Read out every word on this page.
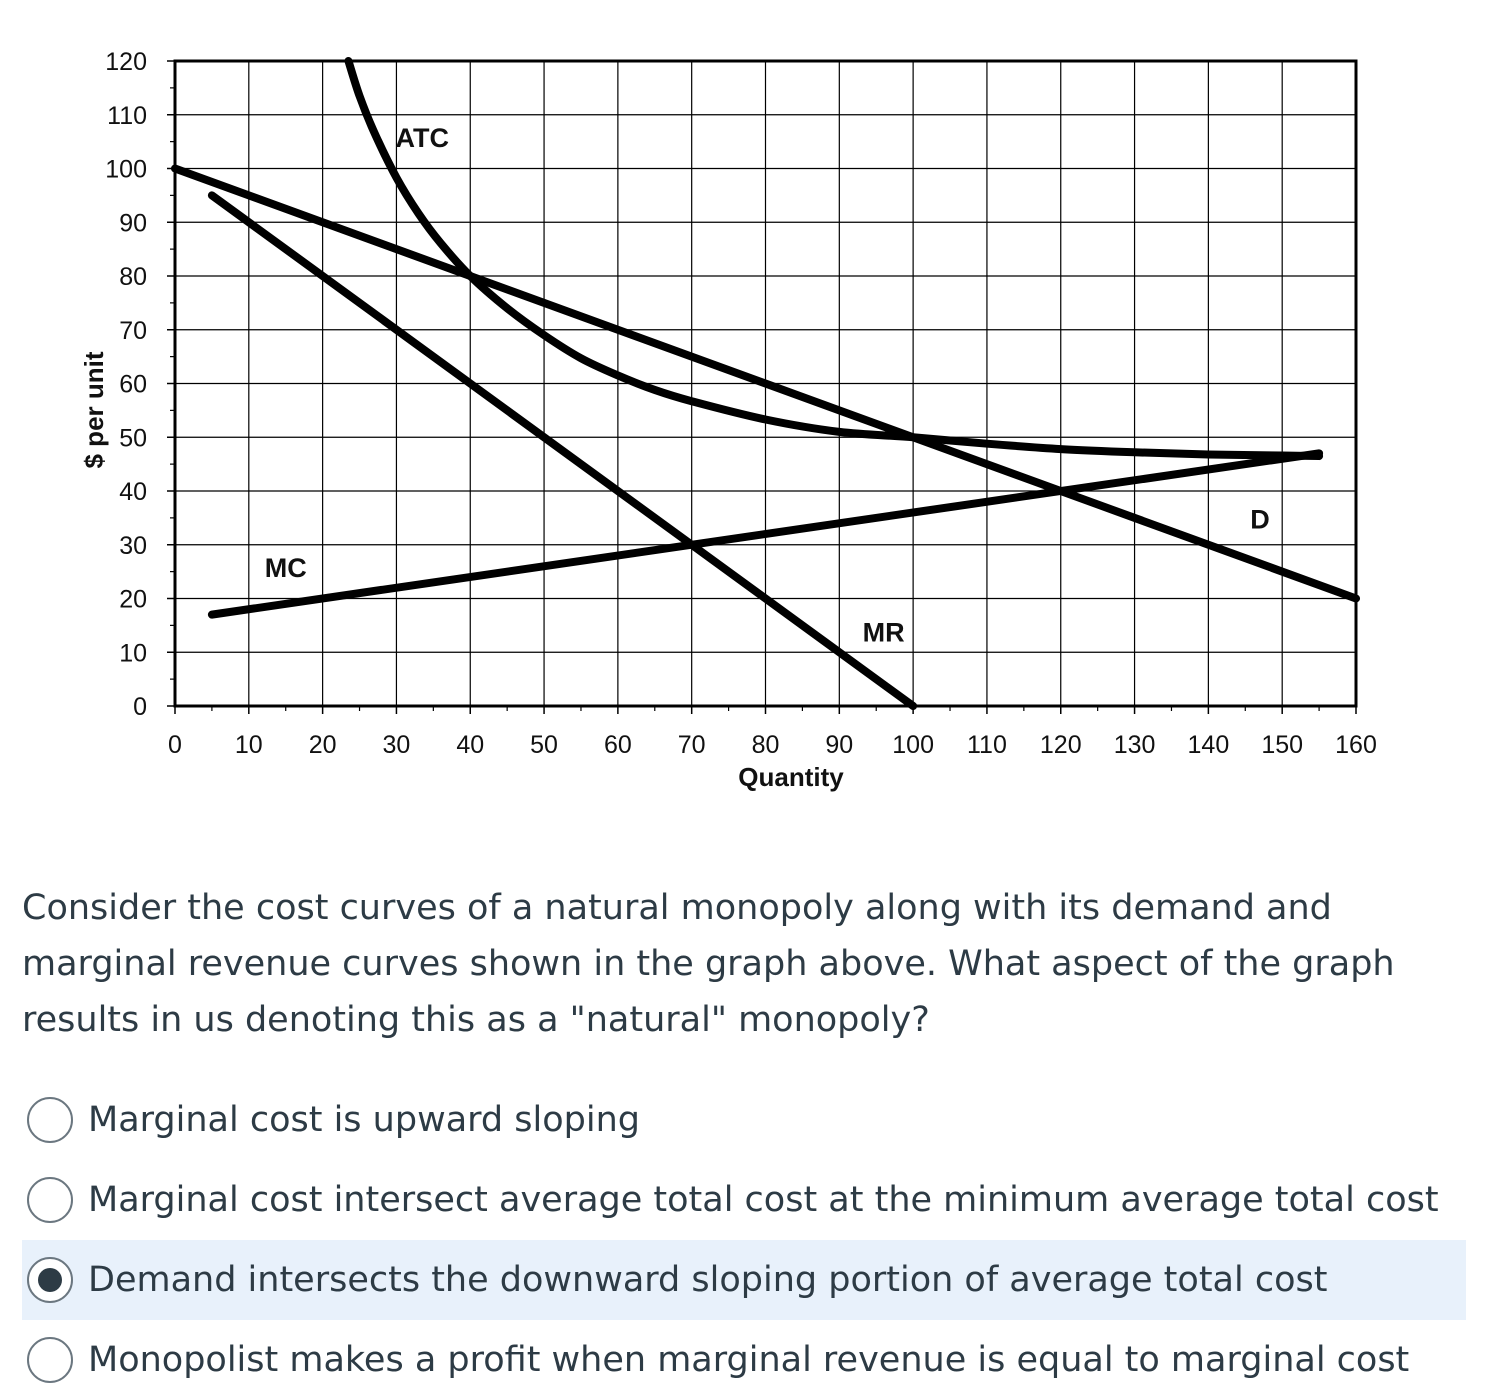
0 10 20 30 40 50 60 70 80 90 100 110 120 130 140 150 160
0
10
20
30
40
50
60
70
80
90
100
110
120
D
MR
MC
ATC
Quantity
$ per unit
Consider the cost curves of a natural monopoly along with its demand and marginal revenue curves shown in the graph above. What aspect of the graph results in us denoting this as a "natural" monopoly?
Marginal cost is upward sloping
Marginal cost intersect average total cost at the minimum average total cost
Demand intersects the downward sloping portion of average total cost
Monopolist makes a profit when marginal revenue is equal to marginal cost
